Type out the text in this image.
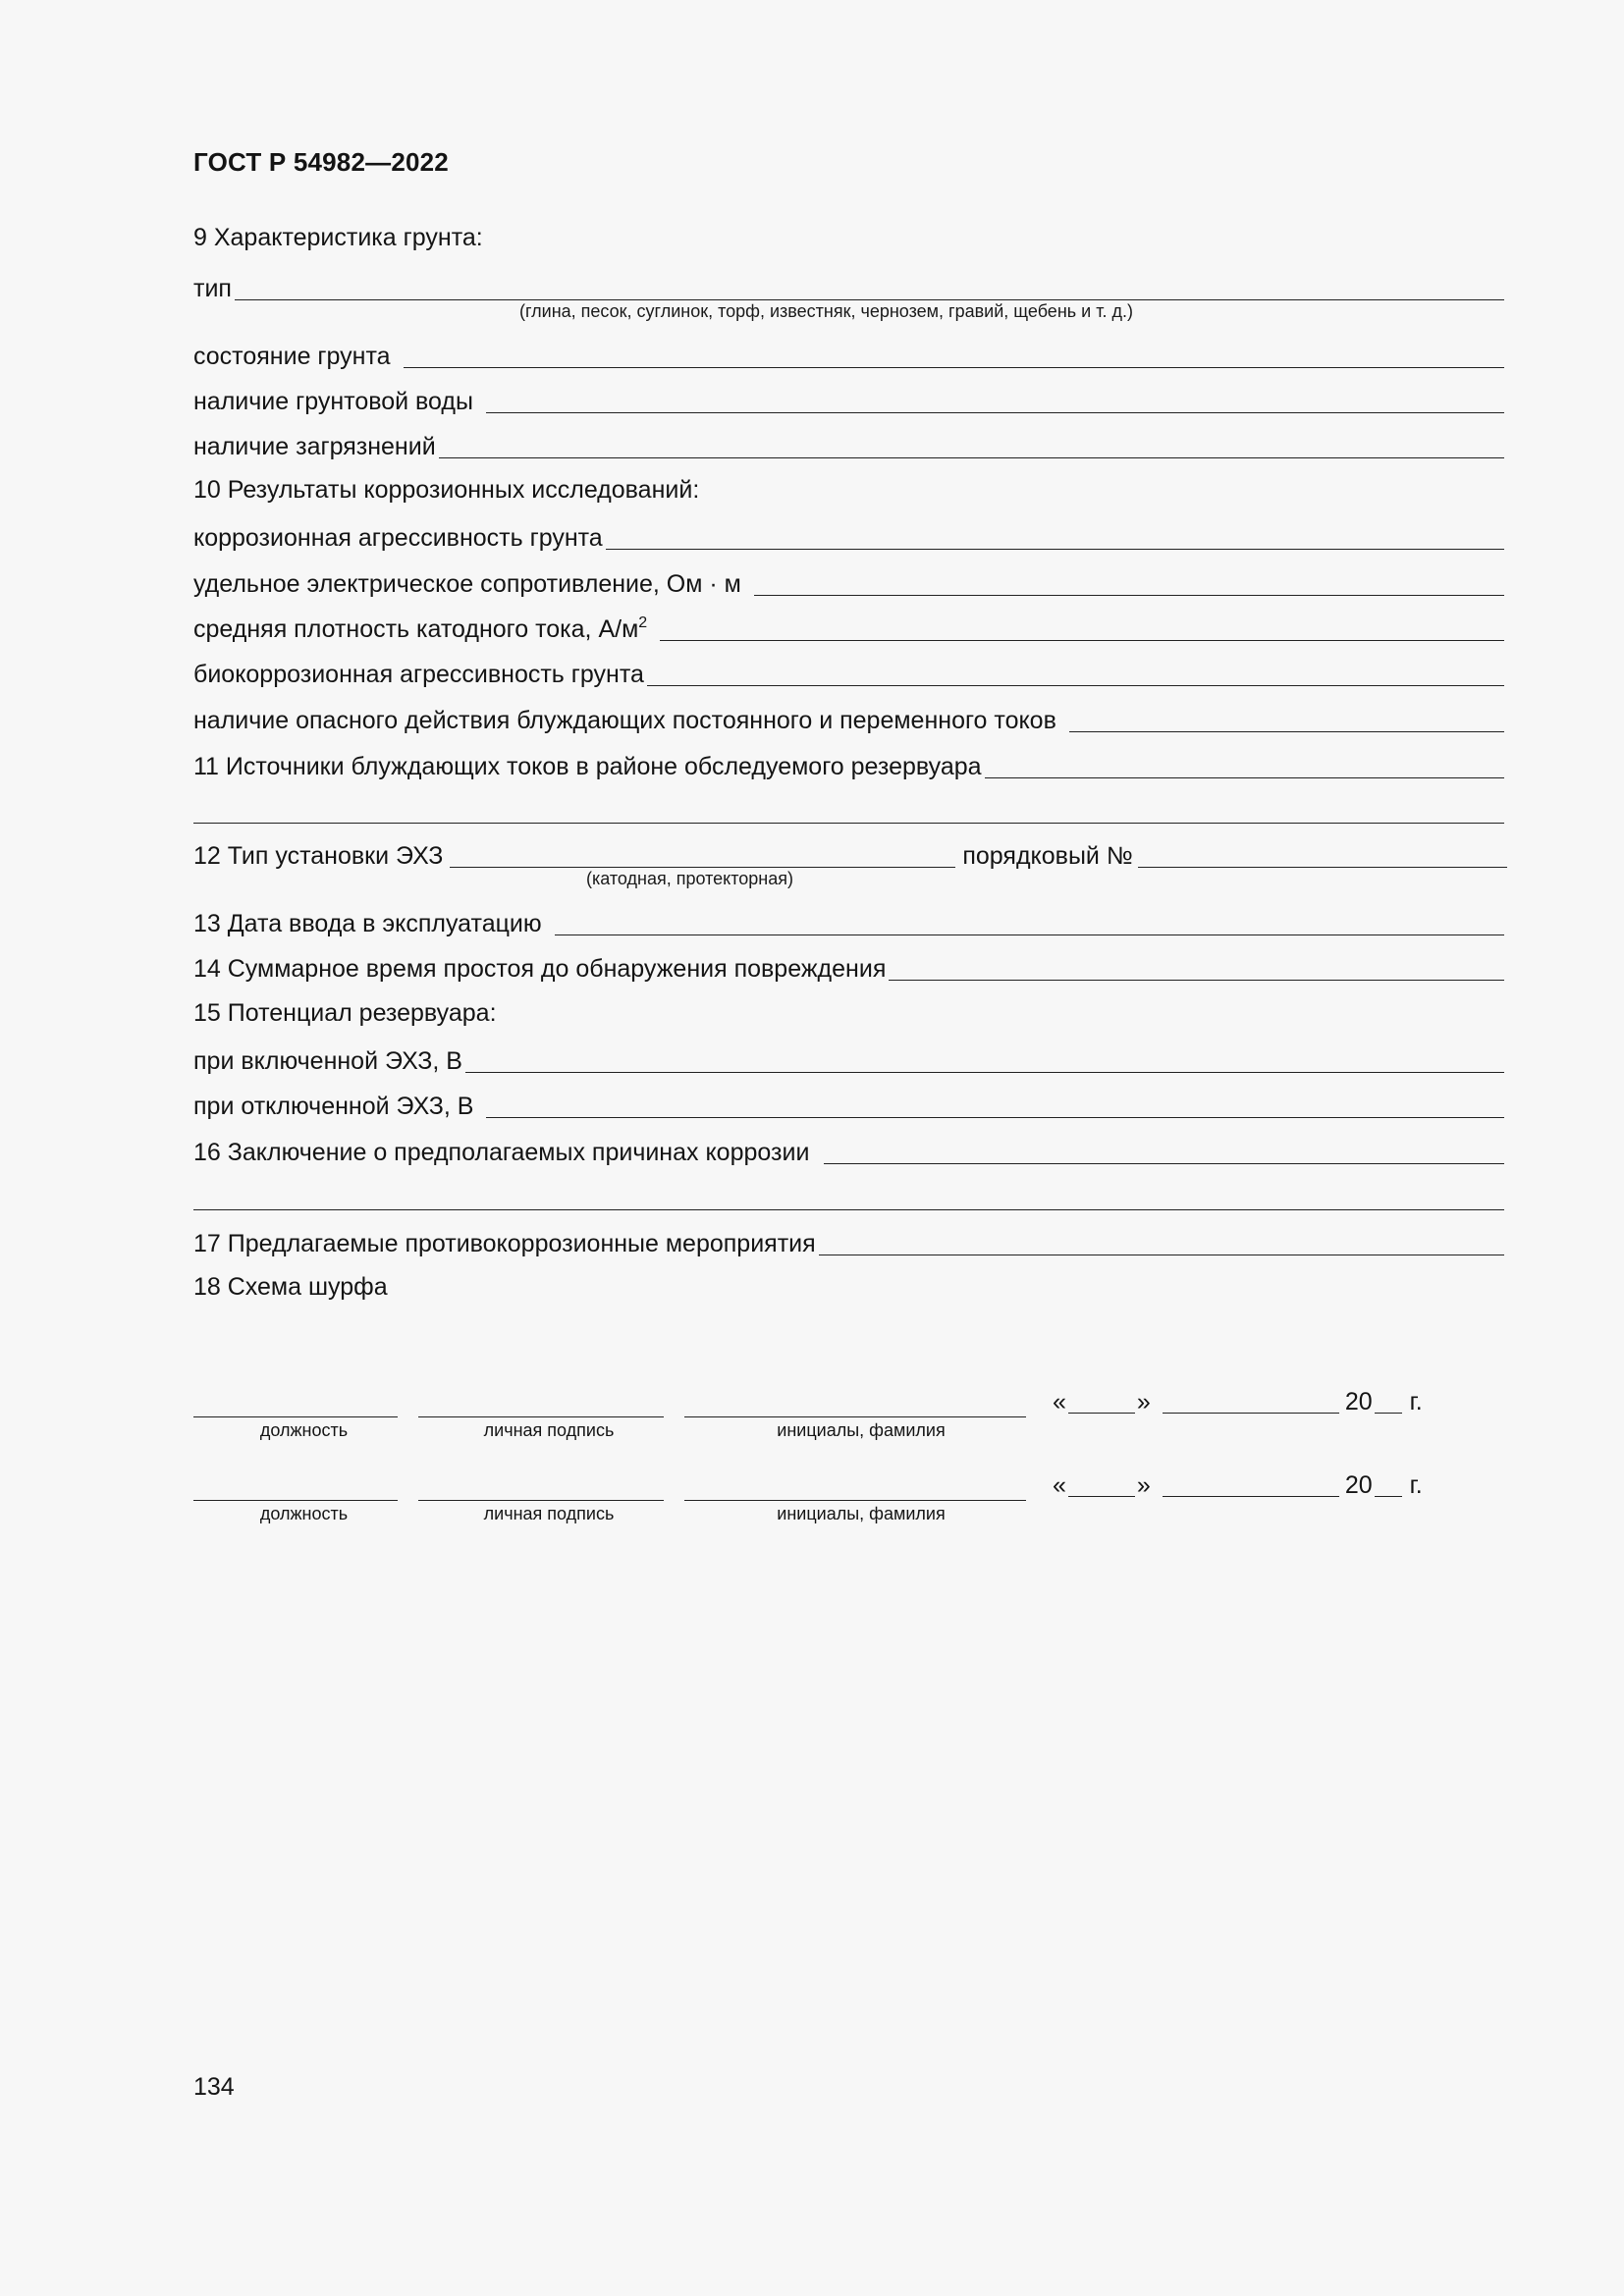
ГОСТ Р 54982—2022
9 Характеристика грунта:
тип
(глина, песок, суглинок, торф, известняк, чернозем, гравий, щебень и т. д.)
состояние грунта
наличие грунтовой воды
наличие загрязнений
10 Результаты коррозионных исследований:
коррозионная агрессивность грунта
удельное электрическое сопротивление, Ом · м
средняя плотность катодного тока, $А/м^2$
биокоррозионная агрессивность грунта
наличие опасного действия блуждающих постоянного и переменного токов
11 Источники блуждающих токов в районе обследуемого резервуара
12 Тип установки ЭХЗ	порядковый №
(катодная, протекторная)
13 Дата ввода в эксплуатацию
14 Суммарное время простоя до обнаружения повреждения
15 Потенциал резервуара:
при включенной ЭХЗ, В
при отключенной ЭХЗ, В
16 Заключение о предполагаемых причинах коррозии
17 Предлагаемые противокоррозионные мероприятия
18 Схема шурфа
должность	личная подпись	инициалы, фамилия
«	»	20 г.
должность	личная подпись	инициалы, фамилия
«	»	20 г.
134
